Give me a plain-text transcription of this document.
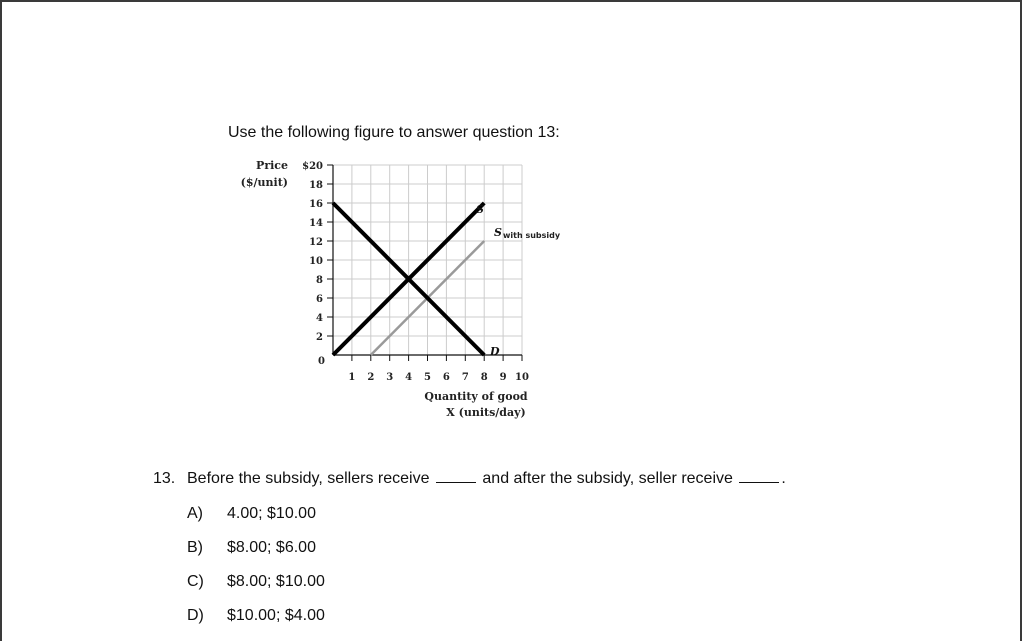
Use the following figure to answer question 13:
$20
18
16
14
12
10
8
6
4
2
0
1 2 3 4 5 6 7 8 9 10
Price
($/unit)
Quantity of good
X (units/day)
S
S with subsidy
D
13. Before the subsidy, sellers receive	and after the subsidy, seller receive	.
A)	4.00; $10.00
B)	$8.00; $6.00
C)	$8.00; $10.00
D)	$10.00; $4.00
